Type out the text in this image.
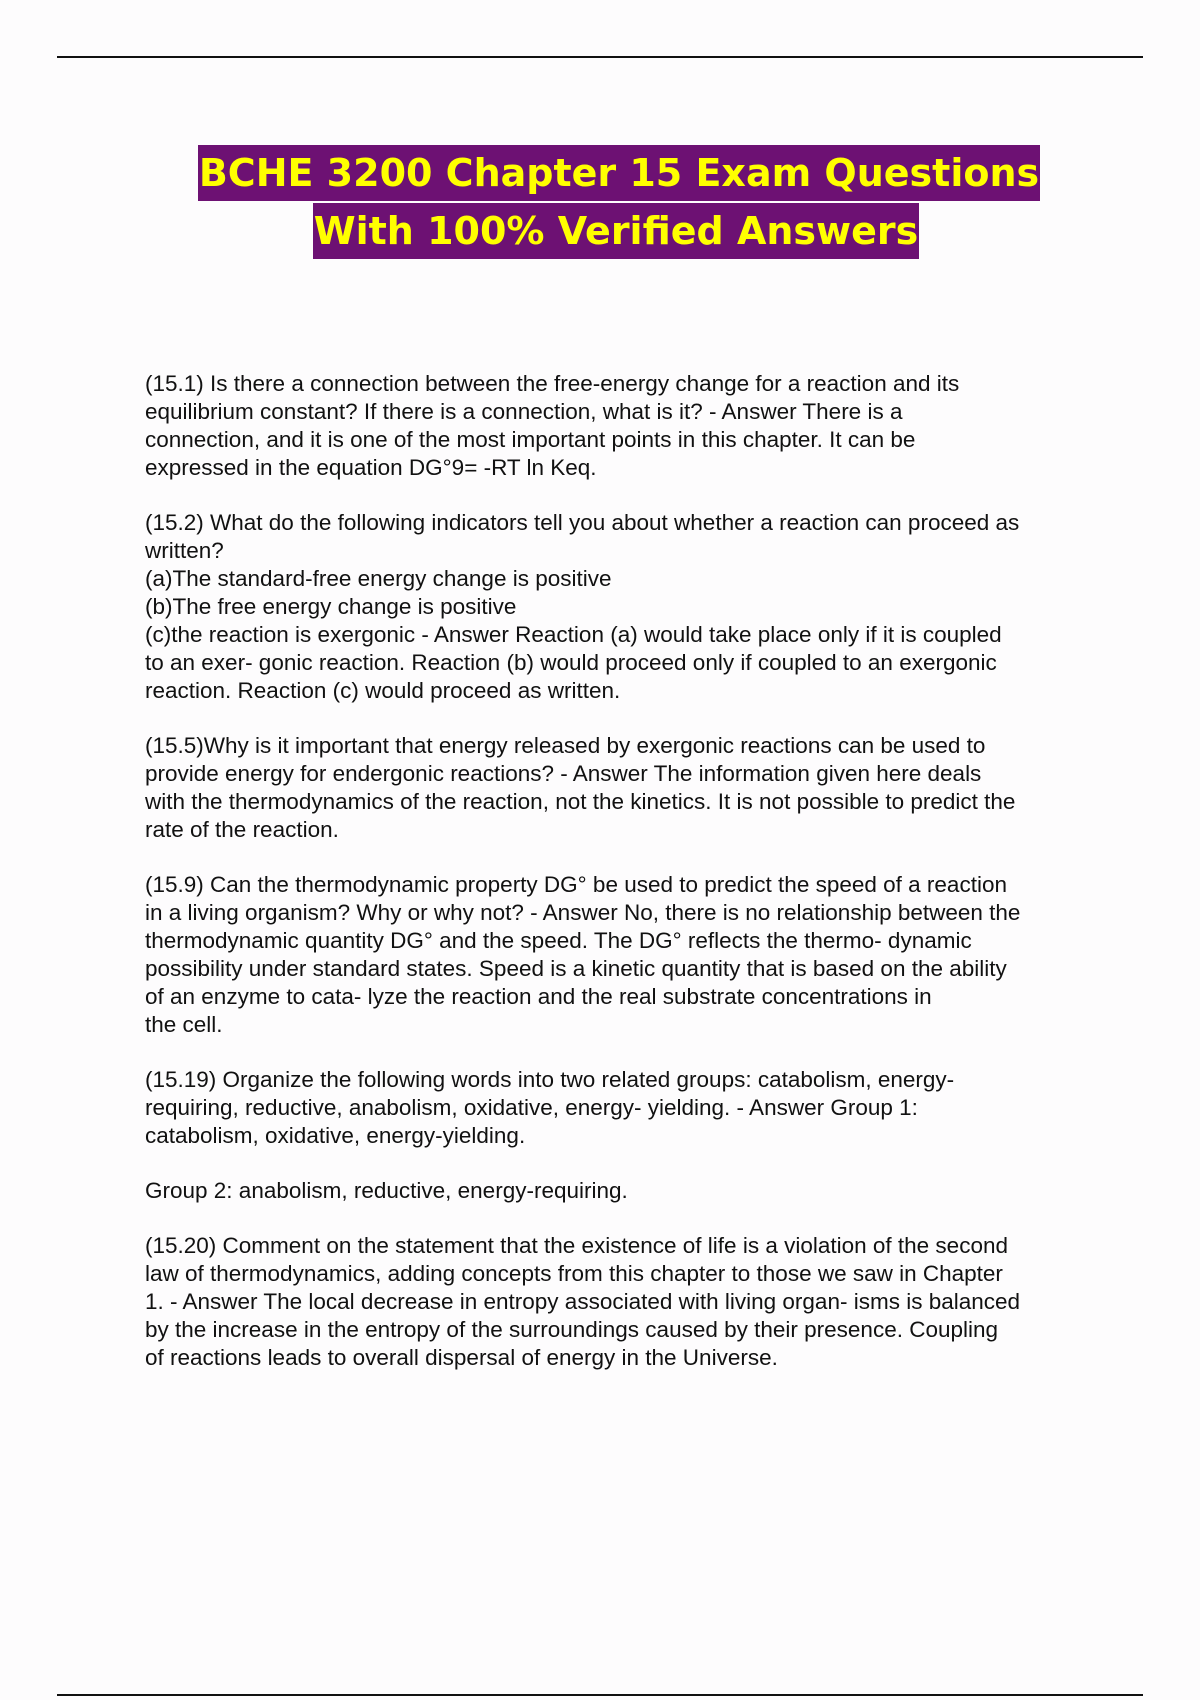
BCHE 3200 Chapter 15 Exam Questions
With 100% Verified Answers

(15.1) Is there a connection between the free-energy change for a reaction and its
equilibrium constant? If there is a connection, what is it? - Answer There is a
connection, and it is one of the most important points in this chapter. It can be
expressed in the equation DG°9= -RT ln Keq.

(15.2) What do the following indicators tell you about whether a reaction can proceed as
written?
(a)The standard-free energy change is positive
(b)The free energy change is positive
(c)the reaction is exergonic - Answer Reaction (a) would take place only if it is coupled
to an exer- gonic reaction. Reaction (b) would proceed only if coupled to an exergonic
reaction. Reaction (c) would proceed as written.

(15.5)Why is it important that energy released by exergonic reactions can be used to
provide energy for endergonic reactions? - Answer The information given here deals
with the thermodynamics of the reaction, not the kinetics. It is not possible to predict the
rate of the reaction.

(15.9) Can the thermodynamic property DG° be used to predict the speed of a reaction
in a living organism? Why or why not? - Answer No, there is no relationship between the
thermodynamic quantity DG° and the speed. The DG° reflects the thermo- dynamic
possibility under standard states. Speed is a kinetic quantity that is based on the ability
of an enzyme to cata- lyze the reaction and the real substrate concentrations in
the cell.

(15.19) Organize the following words into two related groups: catabolism, energy-
requiring, reductive, anabolism, oxidative, energy- yielding. - Answer Group 1:
catabolism, oxidative, energy-yielding.

Group 2: anabolism, reductive, energy-requiring.

(15.20) Comment on the statement that the existence of life is a violation of the second
law of thermodynamics, adding concepts from this chapter to those we saw in Chapter
1. - Answer The local decrease in entropy associated with living organ- isms is balanced
by the increase in the entropy of the surroundings caused by their presence. Coupling
of reactions leads to overall dispersal of energy in the Universe.
